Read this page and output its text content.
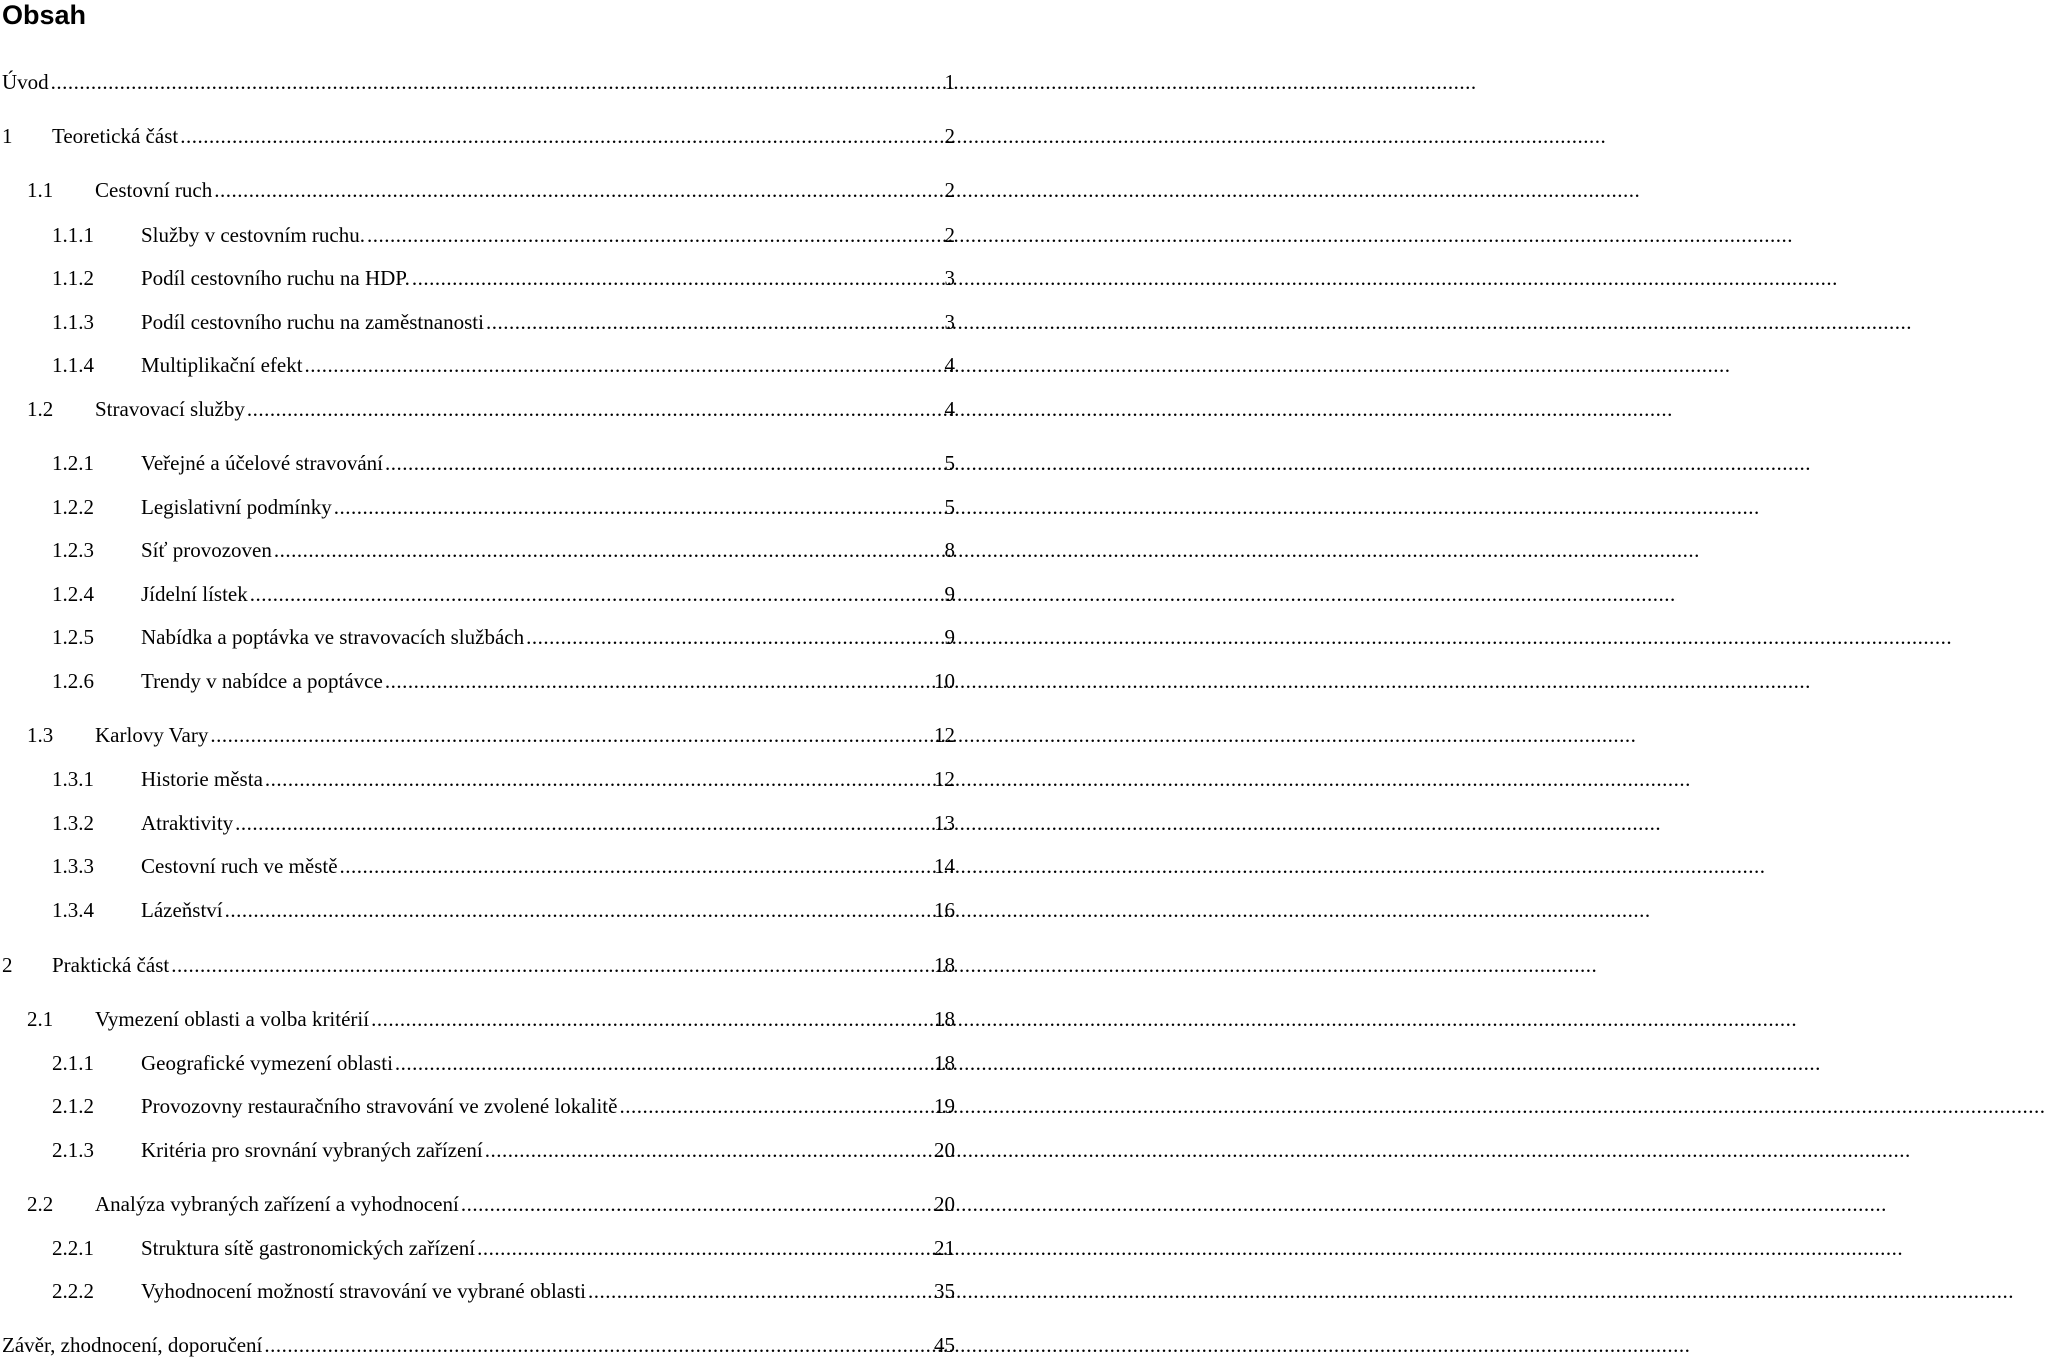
Obsah
Úvod .....	1
1	Teoretická část .....	2
1.1	Cestovní ruch .....	2
1.1.1	Služby v cestovním ruchu. .....	2
1.1.2	Podíl cestovního ruchu na HDP. .....	3
1.1.3	Podíl cestovního ruchu na zaměstnanosti .....	3
1.1.4	Multiplikační efekt .....	4
1.2	Stravovací služby .....	4
1.2.1	Veřejné a účelové stravování .....	5
1.2.2	Legislativní podmínky .....	5
1.2.3	Síť provozoven .....	8
1.2.4	Jídelní lístek .....	9
1.2.5	Nabídka a poptávka ve stravovacích službách .....	9
1.2.6	Trendy v nabídce a poptávce .....	10
1.3	Karlovy Vary .....	12
1.3.1	Historie města .....	12
1.3.2	Atraktivity .....	13
1.3.3	Cestovní ruch ve městě .....	14
1.3.4	Lázeňství .....	16
2	Praktická část .....	18
2.1	Vymezení oblasti a volba kritérií .....	18
2.1.1	Geografické vymezení oblasti .....	18
2.1.2	Provozovny restauračního stravování ve zvolené lokalitě .....	19
2.1.3	Kritéria pro srovnání vybraných zařízení .....	20
2.2	Analýza vybraných zařízení a vyhodnocení .....	20
2.2.1	Struktura sítě gastronomických zařízení .....	21
2.2.2	Vyhodnocení možností stravování ve vybrané oblasti .....	35
Závěr, zhodnocení, doporučení .....	45
